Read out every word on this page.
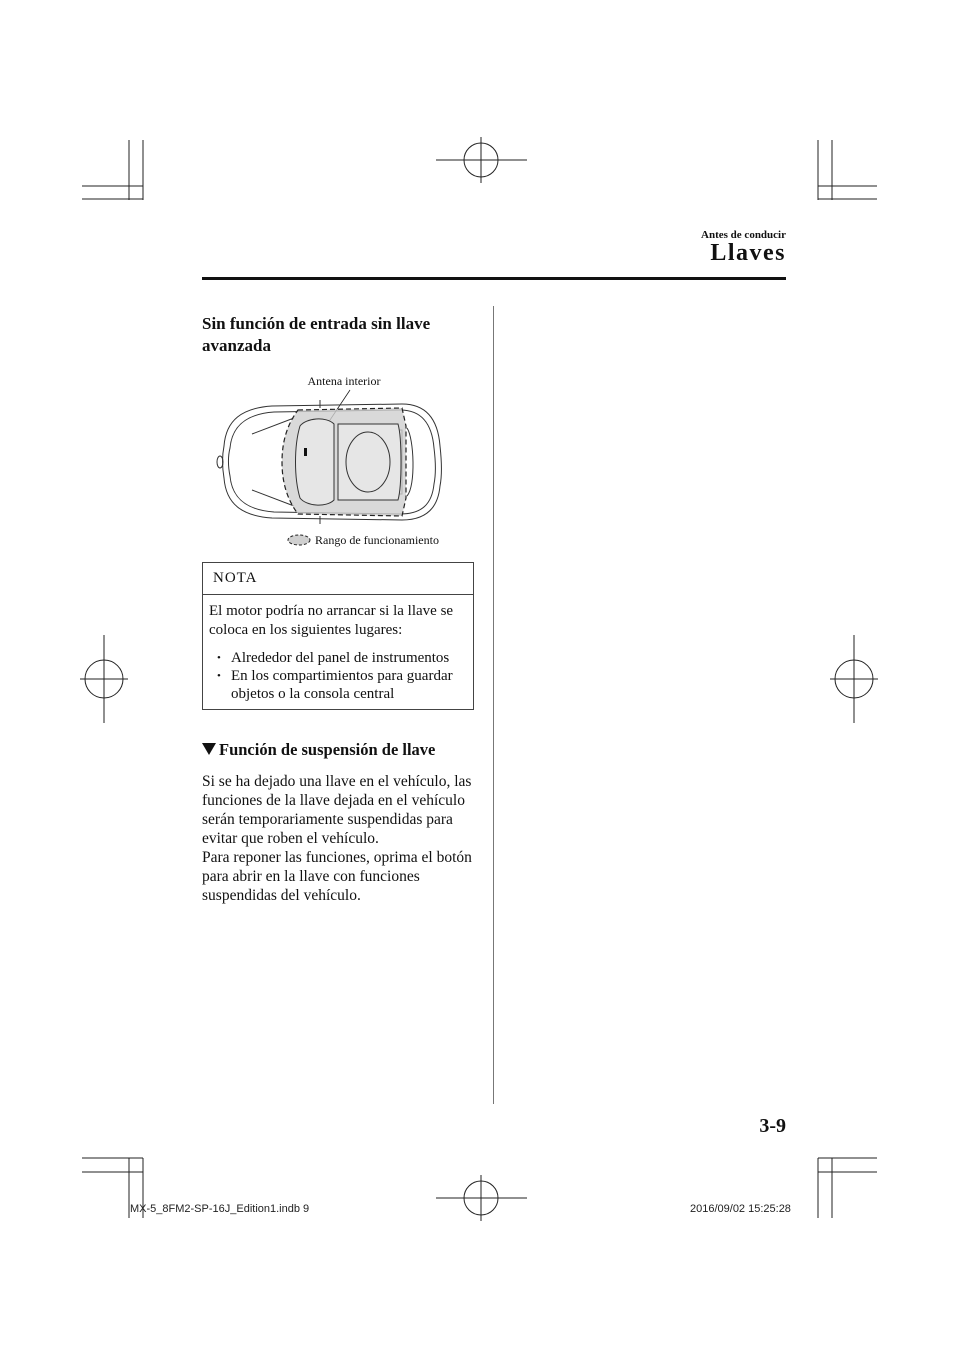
Antes de conducir
Llaves
Sin función de entrada sin llave avanzada
Antena interior
Rango de funcionamiento
NOTA
El motor podría no arrancar si la llave se coloca en los siguientes lugares:
• Alrededor del panel de instrumentos
• En los compartimientos para guardar objetos o la consola central
Función de suspensión de llave
Si se ha dejado una llave en el vehículo, las funciones de la llave dejada en el vehículo serán temporariamente suspendidas para evitar que roben el vehículo.
Para reponer las funciones, oprima el botón para abrir en la llave con funciones suspendidas del vehículo.
3-9
MX-5_8FM2-SP-16J_Edition1.indb 9	2016/09/02 15:25:28
